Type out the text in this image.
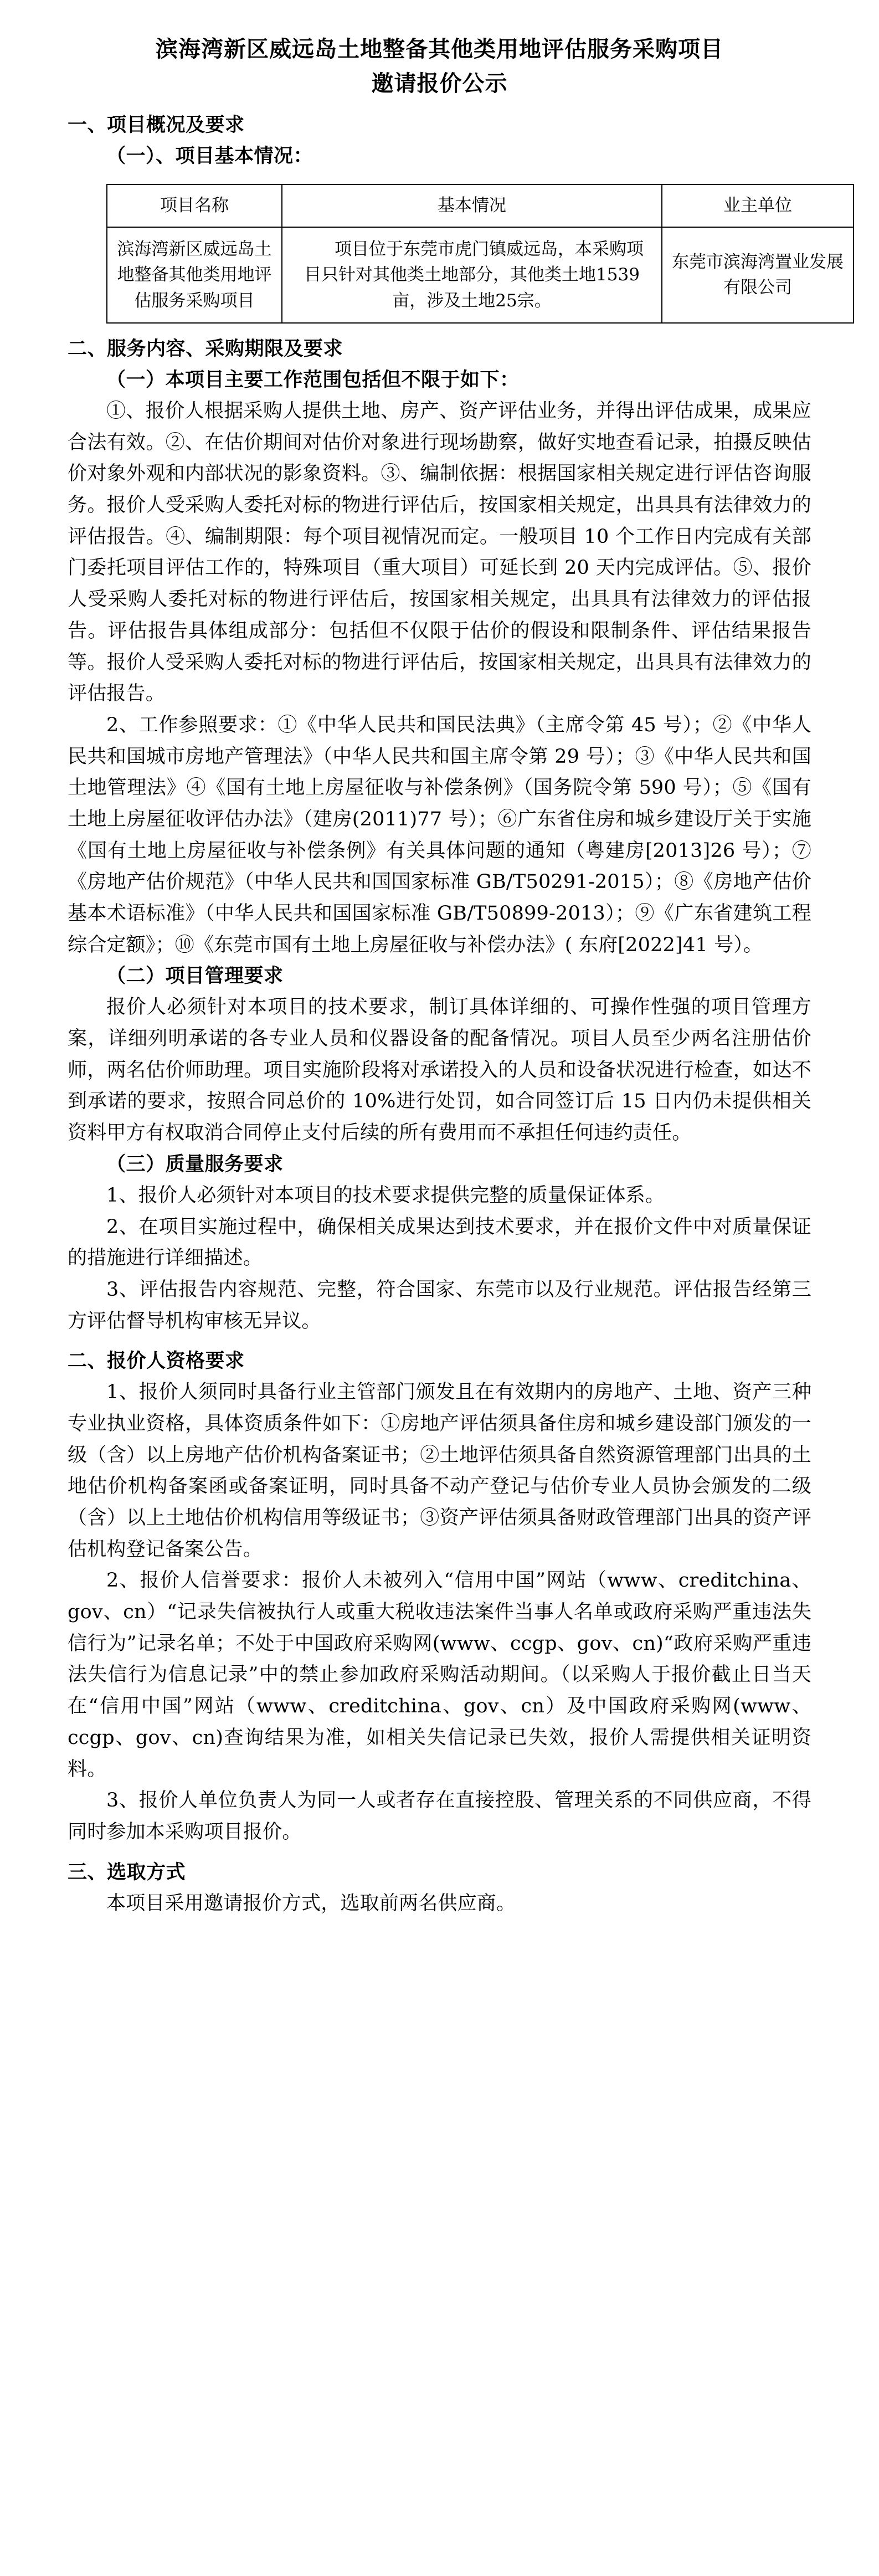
滨海湾新区威远岛土地整备其他类用地评估服务采购项目
邀请报价公示
一、项目概况及要求
（一）、项目基本情况：
项目名称	基本情况	业主单位
滨海湾新区威远岛土地整备其他类用地评估服务采购项目	项目位于东莞市虎门镇威远岛，本采购项目只针对其他类土地部分，其他类土地1539亩，涉及土地25宗。	东莞市滨海湾置业发展有限公司
二、服务内容、采购期限及要求
（一）本项目主要工作范围包括但不限于如下：

①、报价人根据采购人提供土地、房产、资产评估业务，并得出评估成果，成果应合法有效。②、在估价期间对估价对象进行现场勘察，做好实地查看记录，拍摄反映估价对象外观和内部状况的影象资料。③、编制依据：根据国家相关规定进行评估咨询服务。报价人受采购人委托对标的物进行评估后，按国家相关规定，出具具有法律效力的评估报告。④、编制期限：每个项目视情况而定。一般项目 10 个工作日内完成有关部门委托项目评估工作的，特殊项目（重大项目）可延长到 20 天内完成评估。⑤、报价人受采购人委托对标的物进行评估后，按国家相关规定，出具具有法律效力的评估报告。评估报告具体组成部分：包括但不仅限于估价的假设和限制条件、评估结果报告等。报价人受采购人委托对标的物进行评估后，按国家相关规定，出具具有法律效力的评估报告。

2、工作参照要求：①《中华人民共和国民法典》（主席令第 45 号）；②《中华人民共和国城市房地产管理法》（中华人民共和国主席令第 29 号）；③《中华人民共和国土地管理法》④《国有土地上房屋征收与补偿条例》（国务院令第 590 号）；⑤《国有土地上房屋征收评估办法》（建房(2011)77 号）；⑥广东省住房和城乡建设厅关于实施《国有土地上房屋征收与补偿条例》有关具体问题的通知（粤建房[2013]26 号）；⑦《房地产估价规范》（中华人民共和国国家标准 GB/T50291-2015）；⑧《房地产估价基本术语标准》（中华人民共和国国家标准 GB/T50899-2013）；⑨《广东省建筑工程综合定额》；⑩《东莞市国有土地上房屋征收与补偿办法》( 东府[2022]41 号）。

（二）项目管理要求

报价人必须针对本项目的技术要求，制订具体详细的、可操作性强的项目管理方案，详细列明承诺的各专业人员和仪器设备的配备情况。项目人员至少两名注册估价师，两名估价师助理。项目实施阶段将对承诺投入的人员和设备状况进行检查，如达不到承诺的要求，按照合同总价的 10%进行处罚，如合同签订后 15 日内仍未提供相关资料甲方有权取消合同停止支付后续的所有费用而不承担任何违约责任。

（三）质量服务要求

1、报价人必须针对本项目的技术要求提供完整的质量保证体系。

2、在项目实施过程中，确保相关成果达到技术要求，并在报价文件中对质量保证的措施进行详细描述。

3、评估报告内容规范、完整，符合国家、东莞市以及行业规范。评估报告经第三方评估督导机构审核无异议。

二、报价人资格要求

1、报价人须同时具备行业主管部门颁发且在有效期内的房地产、土地、资产三种专业执业资格，具体资质条件如下：①房地产评估须具备住房和城乡建设部门颁发的一级（含）以上房地产估价机构备案证书；②土地评估须具备自然资源管理部门出具的土地估价机构备案函或备案证明，同时具备不动产登记与估价专业人员协会颁发的二级（含）以上土地估价机构信用等级证书；③资产评估须具备财政管理部门出具的资产评估机构登记备案公告。

2、报价人信誉要求：报价人未被列入“信用中国”网站（www、creditchina、gov、cn）“记录失信被执行人或重大税收违法案件当事人名单或政府采购严重违法失信行为”记录名单；不处于中国政府采购网(www、ccgp、gov、cn)“政府采购严重违法失信行为信息记录”中的禁止参加政府采购活动期间。（以采购人于报价截止日当天在“信用中国”网站（www、creditchina、gov、cn）及中国政府采购网(www、ccgp、gov、cn)查询结果为准，如相关失信记录已失效，报价人需提供相关证明资料。

3、报价人单位负责人为同一人或者存在直接控股、管理关系的不同供应商，不得同时参加本采购项目报价。

三、选取方式

本项目采用邀请报价方式，选取前两名供应商。
